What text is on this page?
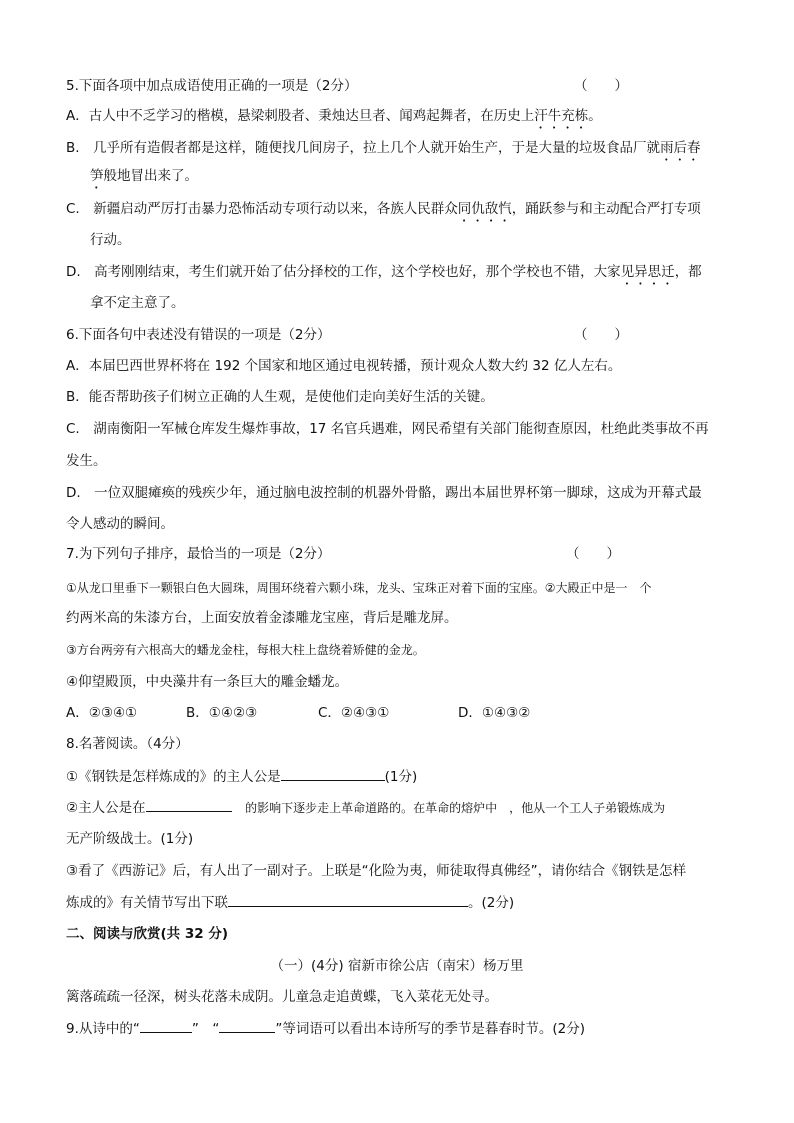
5.下面各项中加点成语使用正确的一项是（2分）	（　　）
A．古人中不乏学习的楷模，悬梁刺股者、秉烛达旦者、闻鸡起舞者，在历史上汗牛充栋。
B.　几乎所有造假者都是这样，随便找几间房子，拉上几个人就开始生产，于是大量的垃圾食品厂就雨后春
笋般地冒出来了。
C.　新疆启动严厉打击暴力恐怖活动专项行动以来，各族人民群众同仇敌忾，踊跃参与和主动配合严打专项
行动。
D.　高考刚刚结束，考生们就开始了估分择校的工作，这个学校也好，那个学校也不错，大家见异思迁，都
拿不定主意了。
6.下面各句中表述没有错误的一项是（2分）	（　　）
A．本届巴西世界杯将在 192 个国家和地区通过电视转播，预计观众人数大约 32 亿人左右。
B．能否帮助孩子们树立正确的人生观，是使他们走向美好生活的关键。
C.　湖南衡阳一军械仓库发生爆炸事故，17 名官兵遇难，网民希望有关部门能彻查原因，杜绝此类事故不再
发生。
D.　一位双腿瘫痪的残疾少年，通过脑电波控制的机器外骨骼，踢出本届世界杯第一脚球，这成为开幕式最
令人感动的瞬间。
7.为下列句子排序，最恰当的一项是（2分）	（　　）
①从龙口里垂下一颗银白色大圆珠，周围环绕着六颗小珠，龙头、宝珠正对着下面的宝座。②大殿正中是一　个
约两米高的朱漆方台，上面安放着金漆雕龙宝座，背后是雕龙屏。
③方台两旁有六根高大的蟠龙金柱，每根大柱上盘绕着矫健的金龙。
④仰望殿顶，中央藻井有一条巨大的雕金蟠龙。
A．②③④①	B．①④②③	C．②④③①	D．①④③②
8.名著阅读。（4分）
①《钢铁是怎样炼成的》的主人公是	(1分)
②主人公是在　	的影响下逐步走上革命道路的。在革命的熔炉中　，他从一个工人子弟锻炼成为
无产阶级战士。(1分)
③看了《西游记》后，有人出了一副对子。上联是“化险为夷，师徒取得真佛经”，请你结合《钢铁是怎样
炼成的》有关情节写出下联	。(2分)
二、阅读与欣赏(共 32 分)
（一）(4分) 宿新市徐公店（南宋）杨万里
篱落疏疏一径深，树头花落未成阴。儿童急走追黄蝶，飞入菜花无处寻。
9.从诗中的“	”　“	”等词语可以看出本诗所写的季节是暮春时节。(2分)
